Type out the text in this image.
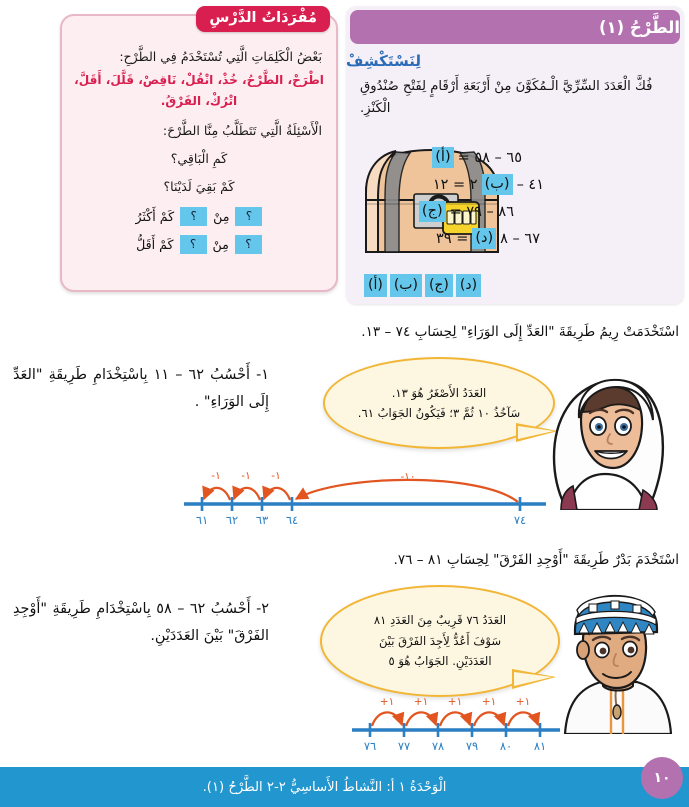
مُفْرَدَاتُ الدَّرْسِ
بَعْضُ الْكَلِمَاتِ الَّتِي تُسْتَخْدَمُ فِي الطَّرْحِ:
اطْرَحْ، الطَّرْحُ، خُذْ، انْقُلْ، نَاقِصْ، قَلَّلَ، أَقَلَّ، اتْرُكْ، الفَرْقُ.
الْأَسْئِلَةُ الَّتِي تَتَطَلَّبُ مِنَّا الطَّرْحَ:
كَمِ الْبَاقِي؟
كَمْ بَقِيَ لَدَيْنَا؟
كَمْ أَكْثَرُ	؟	مِنْ	؟
كَمْ أَقَلُّ	؟	مِنْ	؟
الطَّرْحُ (١)
لِنَسْتَكْشِفْ
فُكَّ الْعَدَدَ السِّرِّيَّ الْـمُكَوَّنَ مِنْ أَرْبَعَةِ أَرْقَامٍ لِفَتْحِ صُنْدُوقِ الْكَنْزِ.
٦٥ – ٥٨ =
(أ)
٤١ –
(ب)
٢ = ١٢
٨٦ – ٧٩ =
(ج)
٦٧ – ٨
(د)
= ٣٩
(د)
(ج)
(ب)
(أ)
اسْتَخْدَمَتْ رِيمُ طَرِيقَةَ "العَدِّ إِلَى الوَرَاءِ" لِحِسَابِ ٧٤ – ١٣.
١- أَحْسُبُ ٦٢ – ١١ بِاسْتِخْدَامِ طَرِيقَةِ "العَدِّ إِلَى الوَرَاءِ" .
العَدَدُ الأَصْغَرُ هُوَ ١٣.
سَآخُذُ ١٠ ثُمَّ ٣؛ فَيَكُونُ الجَوَابُ ٦١.
١-
١-
١-	١٠-
٦١ ٦٢ ٦٣ ٦٤	٧٤
اسْتَخْدَمَ بَدْرٌ طَرِيقَةَ "أَوْجِدِ الفَرْقَ" لِحِسَابِ ٨١ – ٧٦.
٢- أَحْسُبُ ٦٢ – ٥٨ بِاسْتِخْدَامِ طَرِيقَةِ "أَوْجِدِ الفَرْقَ" بَيْنَ العَدَدَيْنِ.
العَدَدُ ٧٦ قَرِيبٌ مِنَ العَدَدِ ٨١
سَوْفَ أَعُدُّ لِأَجِدَ الفَرْقَ بَيْنَ
العَدَدَيْنِ. الجَوَابُ هُوَ ٥
١+ ١+ ١+ ١+ ١+
٧٦ ٧٧ ٧٨ ٧٩ ٨٠ ٨١
الْوَحْدَةُ ١ أ: النَّشاطُ الأَساسِيُّ ٢-٢ الطَّرْحُ (١).
١٠
